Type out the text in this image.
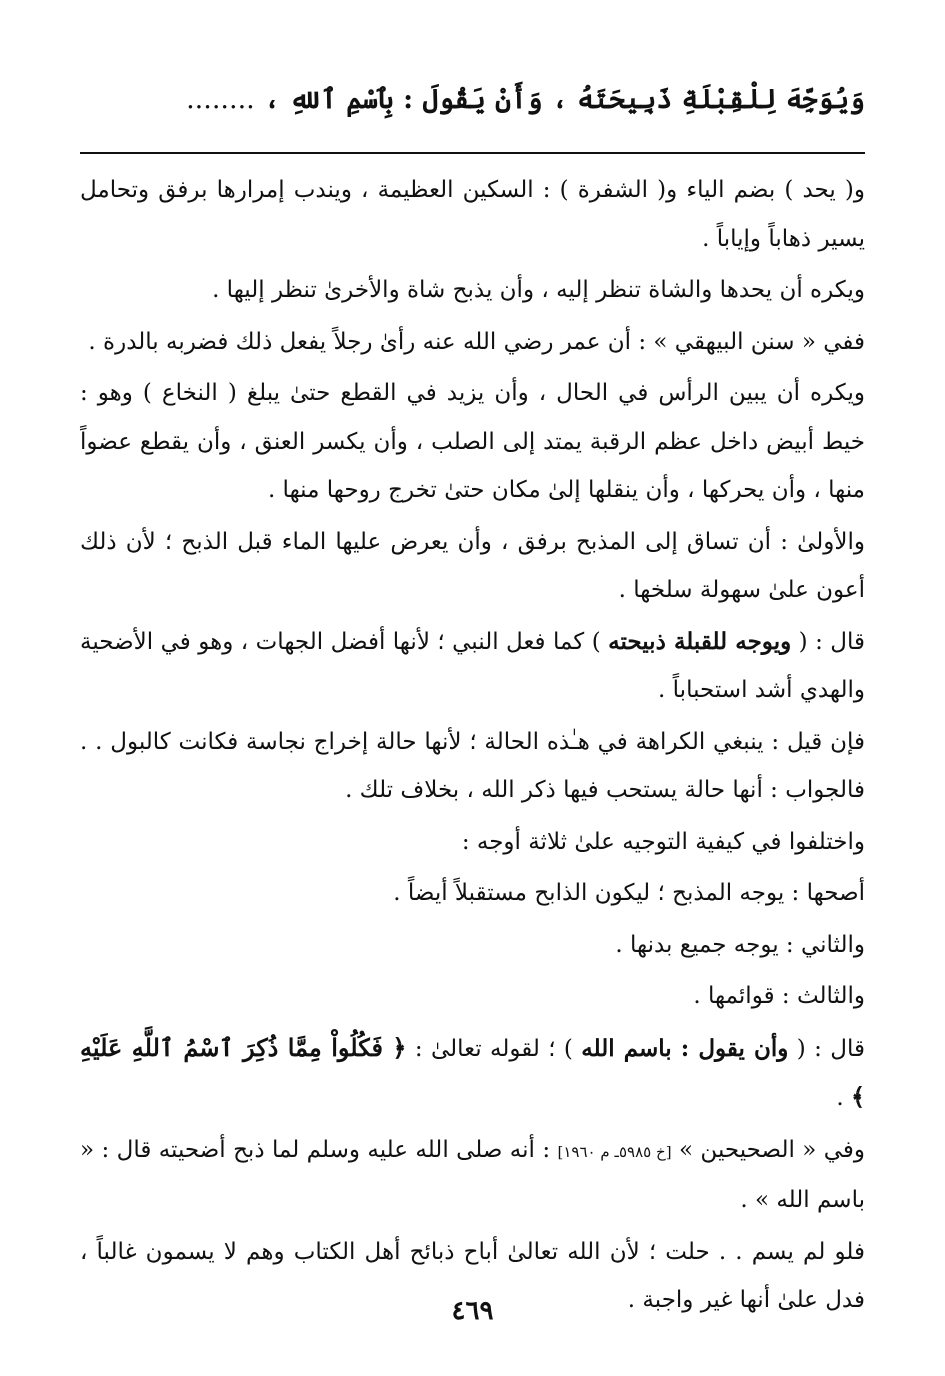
وَيُوَجِّهَ لِلْقِبْلَةِ ذَبِيحَتَهُ ، وَأَنْ يَقُولَ : بِٱسْمِ ٱللهِ ، ........

و( يحد ) بضم الياء و( الشفرة ) : السكين العظيمة ، ويندب إمرارها برفق وتحامل يسير ذهاباً وإياباً .

ويكره أن يحدها والشاة تنظر إليه ، وأن يذبح شاة والأخرىٰ تنظر إليها .

ففي « سنن البيهقي » : أن عمر رضي الله عنه رأىٰ رجلاً يفعل ذلك فضربه بالدرة .

ويكره أن يبين الرأس في الحال ، وأن يزيد في القطع حتىٰ يبلغ ( النخاع ) وهو : خيط أبيض داخل عظم الرقبة يمتد إلى الصلب ، وأن يكسر العنق ، وأن يقطع عضواً منها ، وأن يحركها ، وأن ينقلها إلىٰ مكان حتىٰ تخرج روحها منها .

والأولىٰ : أن تساق إلى المذبح برفق ، وأن يعرض عليها الماء قبل الذبح ؛ لأن ذلك أعون علىٰ سهولة سلخها .

قال : ( ويوجه للقبلة ذبيحته ) كما فعل النبي ؛ لأنها أفضل الجهات ، وهو في الأضحية والهدي أشد استحباباً .

فإن قيل : ينبغي الكراهة في هـٰذه الحالة ؛ لأنها حالة إخراج نجاسة فكانت كالبول . . فالجواب : أنها حالة يستحب فيها ذكر الله ، بخلاف تلك .

واختلفوا في كيفية التوجيه علىٰ ثلاثة أوجه :

أصحها : يوجه المذبح ؛ ليكون الذابح مستقبلاً أيضاً .

والثاني : يوجه جميع بدنها .

والثالث : قوائمها .

قال : ( وأن يقول : باسم الله ) ؛ لقوله تعالىٰ : ﴿ فَكُلُواْ مِمَّا ذُكِرَ ٱسْمُ ٱللَّهِ عَلَيْهِ ﴾ .

وفي « الصحيحين » [خ ٥٩٨٥ـ م ١٩٦٠] : أنه صلى الله عليه وسلم لما ذبح أضحيته قال : « باسم الله » .

فلو لم يسم . . حلت ؛ لأن الله تعالىٰ أباح ذبائح أهل الكتاب وهم لا يسمون غالباً ، فدل علىٰ أنها غير واجبة .

٤٦٩
